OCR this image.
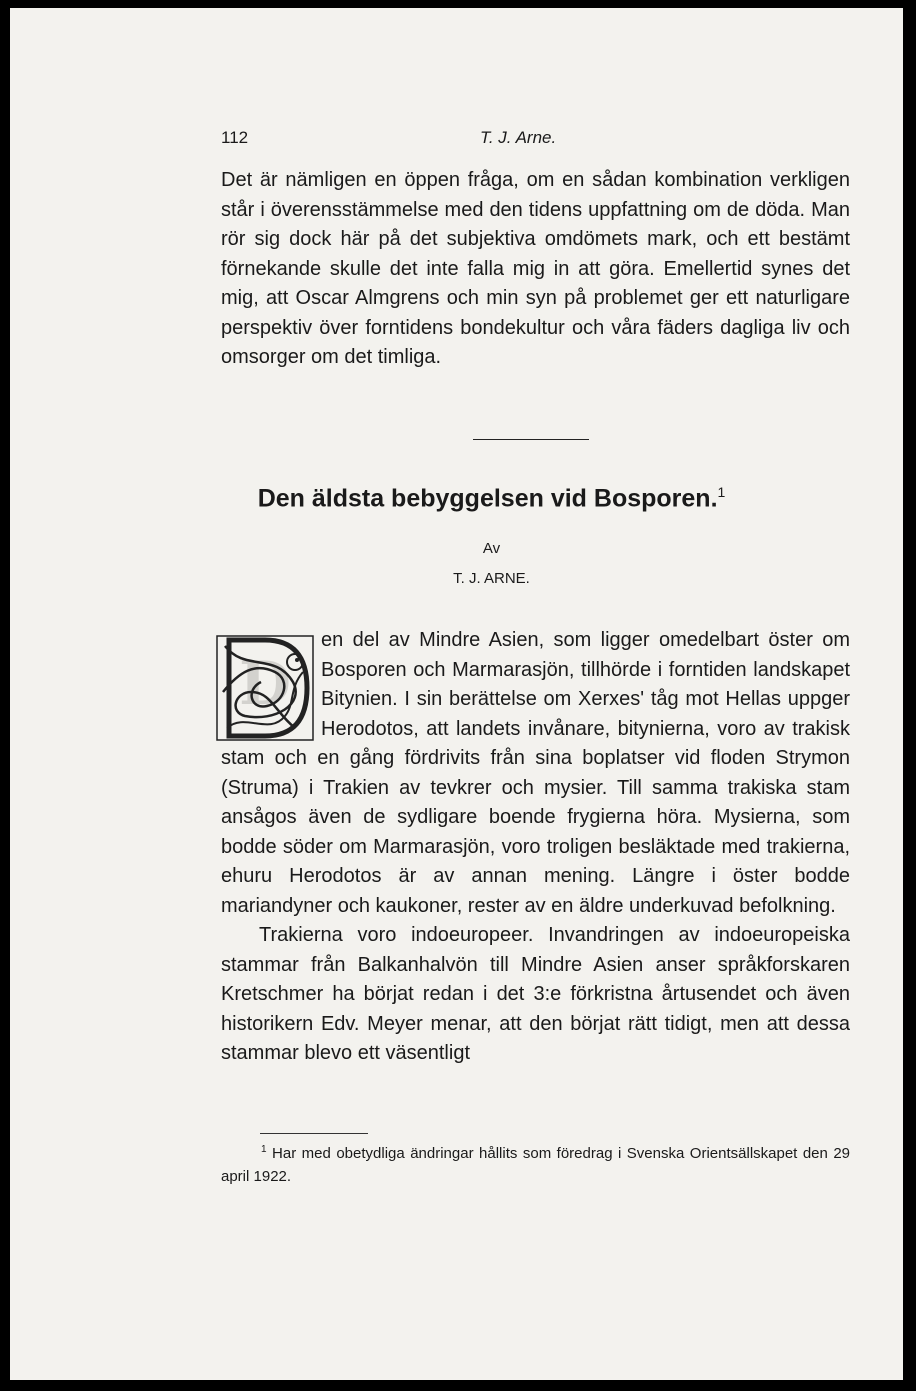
112	T. J. Arne.

Det är nämligen en öppen fråga, om en sådan kombination verkligen står i överensstämmelse med den tidens uppfattning om de döda. Man rör sig dock här på det subjektiva omdömets mark, och ett bestämt förnekande skulle det inte falla mig in att göra. Emellertid synes det mig, att Oscar Almgrens och min syn på problemet ger ett naturligare perspektiv över forntidens bondekultur och våra fäders dagliga liv och omsorger om det timliga.

Den äldsta bebyggelsen vid Bosporen.$^1$
Av
T. J. ARNE.
D

en del av Mindre Asien, som ligger omedelbart öster om Bosporen och Marmarasjön, tillhörde i forntiden landskapet Bitynien. I sin berättelse om Xerxes' tåg mot Hellas uppger Herodotos, att landets invånare, bitynierna, voro av trakisk stam och en gång fördrivits från sina boplatser vid floden Strymon (Struma) i Trakien av tevkrer och mysier. Till samma trakiska stam ansågos även de sydligare boende frygierna höra. Mysierna, som bodde söder om Marmarasjön, voro troligen besläktade med trakierna, ehuru Herodotos är av annan mening. Längre i öster bodde mariandyner och kaukoner, rester av en äldre underkuvad befolkning.

Trakierna voro indoeuropeer. Invandringen av indoeuropeiska stammar från Balkanhalvön till Mindre Asien anser språkforskaren Kretschmer ha börjat redan i det 3:e förkristna årtusendet och även historikern Edv. Meyer menar, att den börjat rätt tidigt, men att dessa stammar blevo ett väsentligt

$^1$ Har med obetydliga ändringar hållits som föredrag i Svenska Orientsällskapet den 29 april 1922.
